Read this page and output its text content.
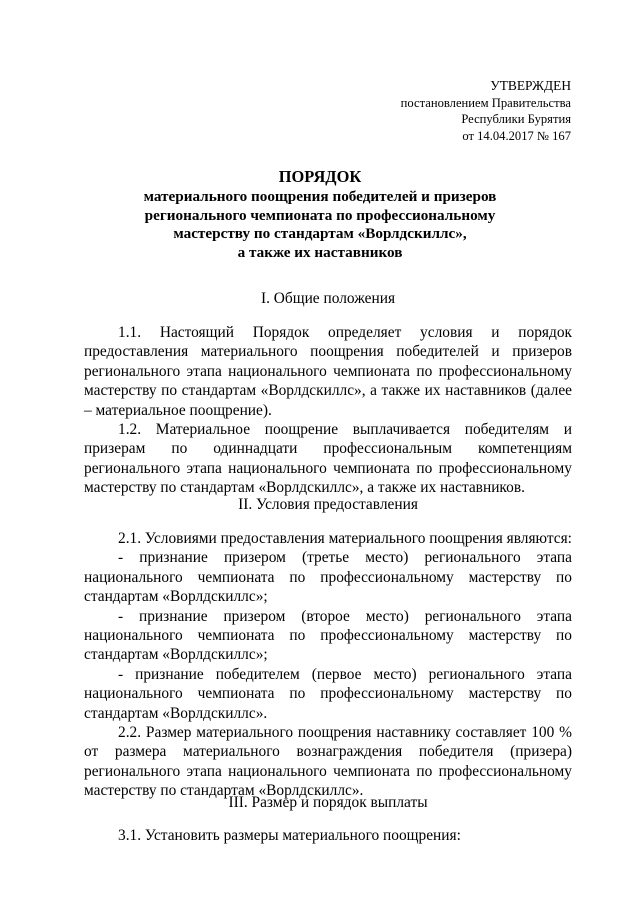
УТВЕРЖДЕН
постановлением Правительства
Республики Бурятия
от 14.04.2017 № 167
ПОРЯДОК
материального поощрения победителей и призеров
регионального чемпионата по профессиональному
мастерству по стандартам «Ворлдскиллс»,
а также их наставников
I. Общие положения

1.1. Настоящий Порядок определяет условия и порядок предоставления материального поощрения победителей и призеров регионального этапа национального чемпионата по профессиональному мастерству по стандартам «Ворлдскиллс», а также их наставников (далее – материальное поощрение).

1.2. Материальное поощрение выплачивается победителям и призерам по одиннадцати профессиональным компетенциям регионального этапа национального чемпионата по профессиональному мастерству по стандартам «Ворлдскиллс», а также их наставников.

II. Условия предоставления

2.1. Условиями предоставления материального поощрения являются:

- признание призером (третье место) регионального этапа национального чемпионата по профессиональному мастерству по стандартам «Ворлдскиллс»;

- признание призером (второе место) регионального этапа национального чемпионата по профессиональному мастерству по стандартам «Ворлдскиллс»;

- признание победителем (первое место) регионального этапа национального чемпионата по профессиональному мастерству по стандартам «Ворлдскиллс».

2.2. Размер материального поощрения наставнику составляет 100 % от размера материального вознаграждения победителя (призера) регионального этапа национального чемпионата по профессиональному мастерству по стандартам «Ворлдскиллс».

III. Размер и порядок выплаты

3.1. Установить размеры материального поощрения:
